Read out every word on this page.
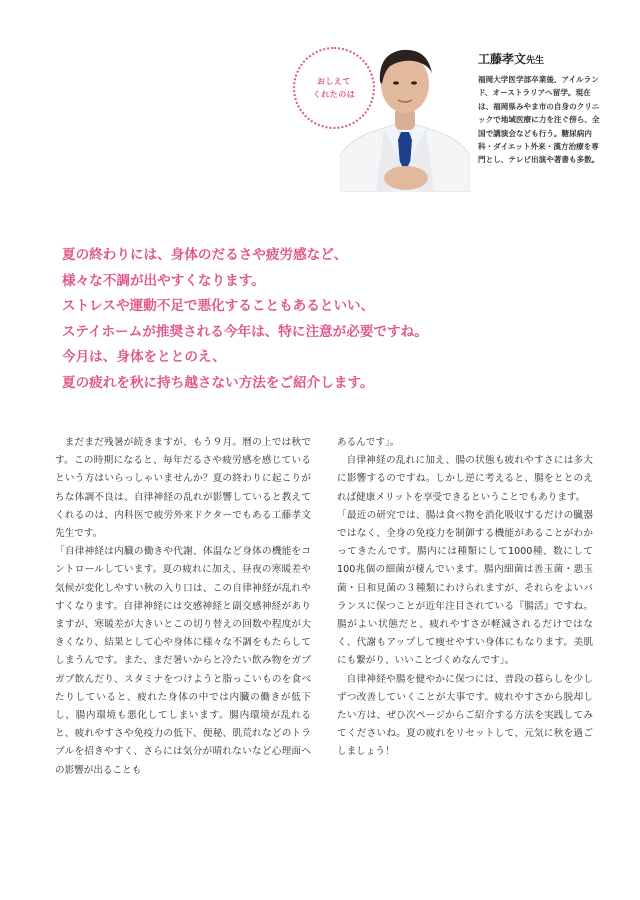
おしえて
くれたのは
工藤孝文先生
福岡大学医学部卒業後、アイルランド、オーストラリアへ留学。現在は、福岡県みやま市の自身のクリニックで地域医療に力を注ぐ傍ら、全国で講演会なども行う。糖尿病内科・ダイエット外来・漢方治療を専門とし、テレビ出演や著書も多数。

夏の終わりには、身体のだるさや疲労感など、

様々な不調が出やすくなります。

ストレスや運動不足で悪化することもあるといい、

ステイホームが推奨される今年は、特に注意が必要ですね。

今月は、身体をととのえ、

夏の疲れを秋に持ち越さない方法をご紹介します。

まだまだ残暑が続きますが、もう９月。暦の上では秋です。この時期になると、毎年だるさや疲労感を感じているという方はいらっしゃいませんか？夏の終わりに起こりがちな体調不良は、自律神経の乱れが影響していると教えてくれるのは、内科医で疲労外来ドクターでもある工藤孝文先生です。

「自律神経は内臓の働きや代謝、体温など身体の機能をコントロールしています。夏の疲れに加え、昼夜の寒暖差や気候が変化しやすい秋の入り口は、この自律神経が乱れやすくなります。自律神経には交感神経と副交感神経がありますが、寒暖差が大きいとこの切り替えの回数や程度が大きくなり、結果として心や身体に様々な不調をもたらしてしまうんです。また、まだ暑いからと冷たい飲み物をガブガブ飲んだり、スタミナをつけようと脂っこいものを食べたりしていると、疲れた身体の中では内臓の働きが低下し、腸内環境も悪化してしまいます。腸内環境が乱れると、疲れやすさや免疫力の低下、便秘、肌荒れなどのトラブルを招きやすく、さらには気分が晴れないなど心理面への影響が出ることも

あるんです」。

自律神経の乱れに加え、腸の状態も疲れやすさには多大に影響するのですね。しかし逆に考えると、腸をととのえれば健康メリットを享受できるということでもあります。

「最近の研究では、腸は食べ物を消化吸収するだけの臓器ではなく、全身の免疫力を制御する機能があることがわかってきたんです。腸内には種類にして1000種、数にして100兆個の細菌が棲んでいます。腸内細菌は善玉菌・悪玉菌・日和見菌の３種類にわけられますが、それらをよいバランスに保つことが近年注目されている『腸活』ですね。腸がよい状態だと、疲れやすさが軽減されるだけではなく、代謝もアップして痩せやすい身体にもなります。美肌にも繋がり、いいことづくめなんです」。

自律神経や腸を健やかに保つには、普段の暮らしを少しずつ改善していくことが大事です。疲れやすさから脱却したい方は、ぜひ次ページからご紹介する方法を実践してみてくださいね。夏の疲れをリセットして、元気に秋を過ごしましょう！
